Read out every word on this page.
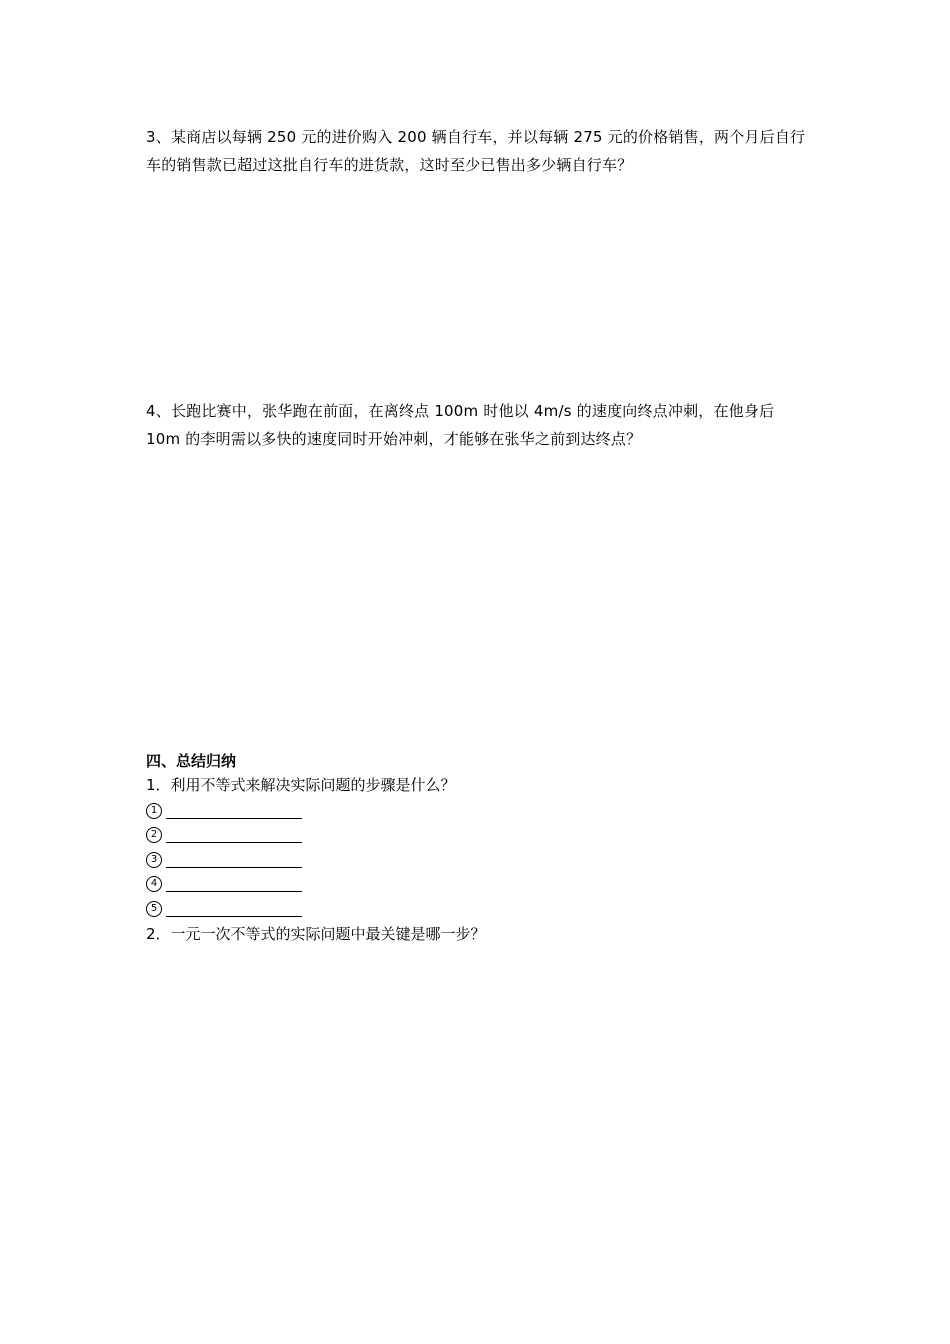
3、某商店以每辆 250 元的进价购入 200 辆自行车，并以每辆 275 元的价格销售，两个月后自行车的销售款已超过这批自行车的进货款，这时至少已售出多少辆自行车？
4、长跑比赛中，张华跑在前面，在离终点 100m 时他以 4m/s 的速度向终点冲刺，在他身后 10m 的李明需以多快的速度同时开始冲刺，才能够在张华之前到达终点？
四、总结归纳
1．利用不等式来解决实际问题的步骤是什么？
1
2
3
4
5
2．一元一次不等式的实际问题中最关键是哪一步？
